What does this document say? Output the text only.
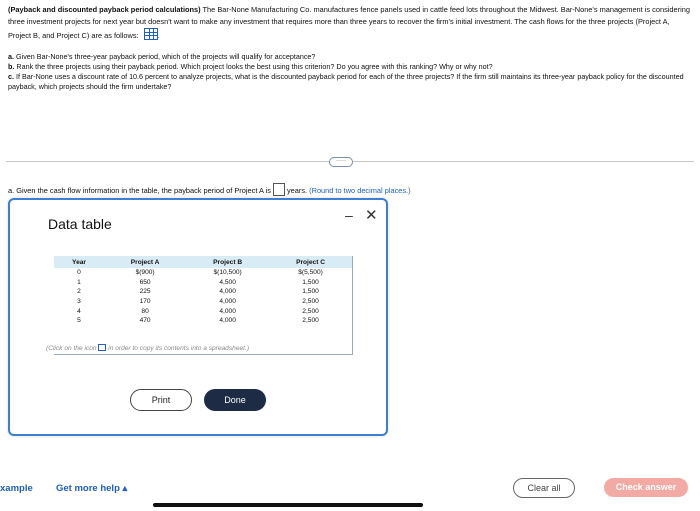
(Payback and discounted payback period calculations) The Bar-None Manufacturing Co. manufactures fence panels used in cattle feed lots throughout the Midwest. Bar-None's management is considering three investment projects for next year but doesn't want to make any investment that requires more than three years to recover the firm's initial investment. The cash flows for the three projects (Project A, Project B, and Project C) are as follows:	.
a. Given Bar-None's three-year payback period, which of the projects will qualify for acceptance?
b. Rank the three projects using their payback period. Which project looks the best using this criterion? Do you agree with this ranking? Why or why not?
c. If Bar-None uses a discount rate of 10.6 percent to analyze projects, what is the discounted payback period for each of the three projects? If the firm still maintains its three-year payback policy for the discounted payback, which projects should the firm undertake?
·····
a. Given the cash flow information in the table, the payback period of Project A is years. (Round to two decimal places.)
Data table
– ✕
Year	Project A	Project B	Project C
0	$(900)	$(10,500)	$(5,500)
1	650	4,500	1,500
2	225	4,000	1,500
3	170	4,000	2,500
4	80	4,000	2,500
5	470	4,000	2,500
(Click on the icon in order to copy its contents into a spreadsheet.)
Print	Done
xample Get more help ▴	Clear all	Check answer
